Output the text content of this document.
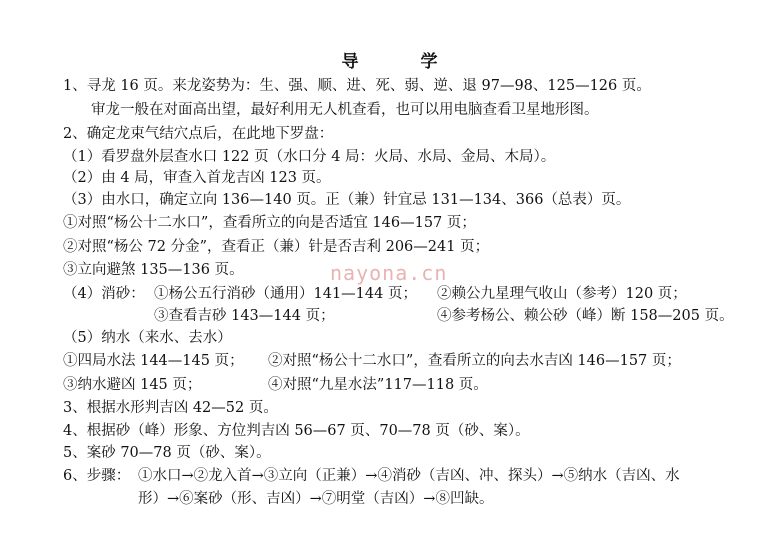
导	学
1、寻龙 16 页。来龙姿势为：生、强、顺、进、死、弱、逆、退 97—98、125—126 页。
审龙一般在对面高出望，最好利用无人机查看，也可以用电脑查看卫星地形图。
2、确定龙束气结穴点后，在此地下罗盘：
（1）看罗盘外层查水口 122 页（水口分 4 局：火局、水局、金局、木局）。
（2）由 4 局，审查入首龙吉凶 123 页。
（3）由水口，确定立向 136—140 页。正（兼）针宜忌 131—134、366（总表）页。
①对照“杨公十二水口”，查看所立的向是否适宜 146—157 页；
②对照“杨公 72 分金”，查看正（兼）针是否吉利 206—241 页；
③立向避煞 135—136 页。	nayona.cn
（4）消砂： ①杨公五行消砂（通用）141—144 页； ②赖公九星理气收山（参考）120 页；
③查看吉砂 143—144 页；	④参考杨公、赖公砂（峰）断 158—205 页。
（5）纳水（来水、去水）
①四局水法 144—145 页； ②对照“杨公十二水口”，查看所立的向去水吉凶 146—157 页；
③纳水避凶 145 页；	④对照“九星水法”117—118 页。
3、根据水形判吉凶 42—52 页。
4、根据砂（峰）形象、方位判吉凶 56—67 页、70—78 页（砂、案）。
5、案砂 70—78 页（砂、案）。
6、步骤： ①水口→②龙入首→③立向（正兼）→④消砂（吉凶、冲、探头）→⑤纳水（吉凶、水
形）→⑥案砂（形、吉凶）→⑦明堂（吉凶）→⑧凹缺。
